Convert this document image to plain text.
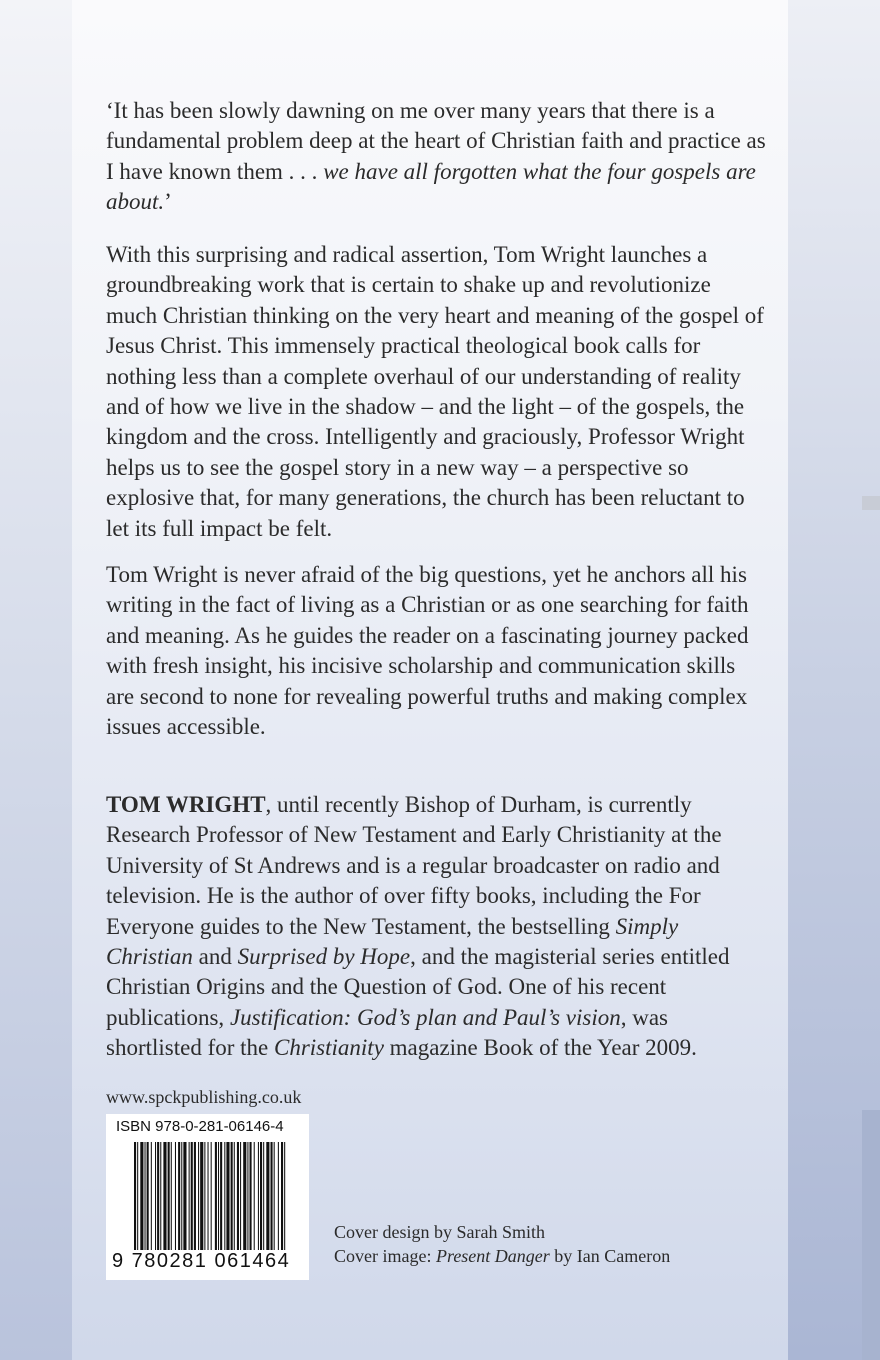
‘It has been slowly dawning on me over many years that there is a fundamental problem deep at the heart of Christian faith and practice as I have known them . . . we have all forgotten what the four gospels are about.’

With this surprising and radical assertion, Tom Wright launches a groundbreaking work that is certain to shake up and revolutionize much Christian thinking on the very heart and meaning of the gospel of Jesus Christ. This immensely practical theological book calls for nothing less than a complete overhaul of our understanding of reality and of how we live in the shadow – and the light – of the gospels, the kingdom and the cross. Intelligently and graciously, Professor Wright helps us to see the gospel story in a new way – a perspective so explosive that, for many generations, the church has been reluctant to let its full impact be felt.

Tom Wright is never afraid of the big questions, yet he anchors all his writing in the fact of living as a Christian or as one searching for faith and meaning. As he guides the reader on a fascinating journey packed with fresh insight, his incisive scholarship and communication skills are second to none for revealing powerful truths and making complex issues accessible.

TOM WRIGHT, until recently Bishop of Durham, is currently Research Professor of New Testament and Early Christianity at the University of St Andrews and is a regular broadcaster on radio and television. He is the author of over fifty books, including the For Everyone guides to the New Testament, the bestselling Simply Christian and Surprised by Hope, and the magisterial series entitled Christian Origins and the Question of God. One of his recent publications, Justification: God’s plan and Paul’s vision, was shortlisted for the Christianity magazine Book of the Year 2009.

www.spckpublishing.co.uk
ISBN 978-0-281-06146-4
9 780281 061464
Cover design by Sarah Smith
Cover image: Present Danger by Ian Cameron
